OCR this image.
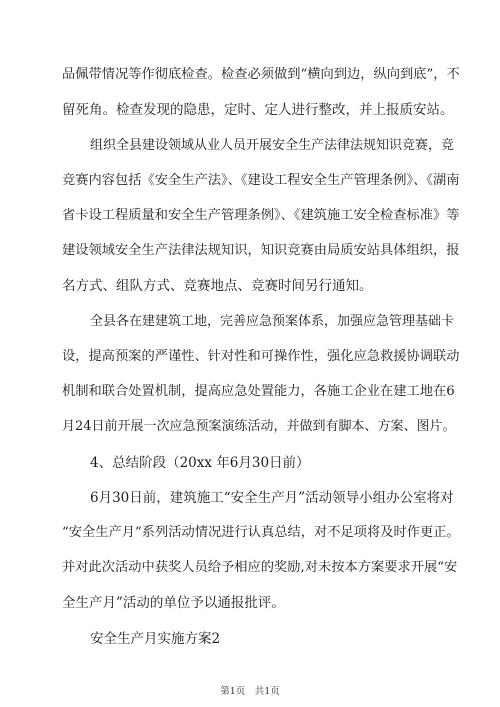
品佩带情况等作彻底检查。检查必须做到“横向到边，纵向到底”，不
留死角。检查发现的隐患，定时、定人进行整改，并上报质安站。
组织全县建设领域从业人员开展安全生产法律法规知识竞赛，竞
竞赛内容包括《安全生产法》、《建设工程安全生产管理条例》、《湖南
省卡设工程质量和安全生产管理条例》、《建筑施工安全检查标准》等
建设领域安全生产法律法规知识，知识竞赛由局质安站具体组织，报
名方式、组队方式、竞赛地点、竞赛时间另行通知。
全县各在建建筑工地，完善应急预案体系，加强应急管理基础卡
设，提高预案的严谨性、针对性和可操作性，强化应急救援协调联动
机制和联合处置机制，提高应急处置能力，各施工企业在建工地在6
月24日前开展一次应急预案演练活动，并做到有脚本、方案、图片。
4、总结阶段（20xx 年6月30日前）
6月30日前，建筑施工“安全生产月”活动领导小组办公室将对
“安全生产月”系列活动情况进行认真总结，对不足项将及时作更正。
并对此次活动中获奖人员给予相应的奖励,对未按本方案要求开展“安
全生产月”活动的单位予以通报批评。
安全生产月实施方案2
第1页　共1页
